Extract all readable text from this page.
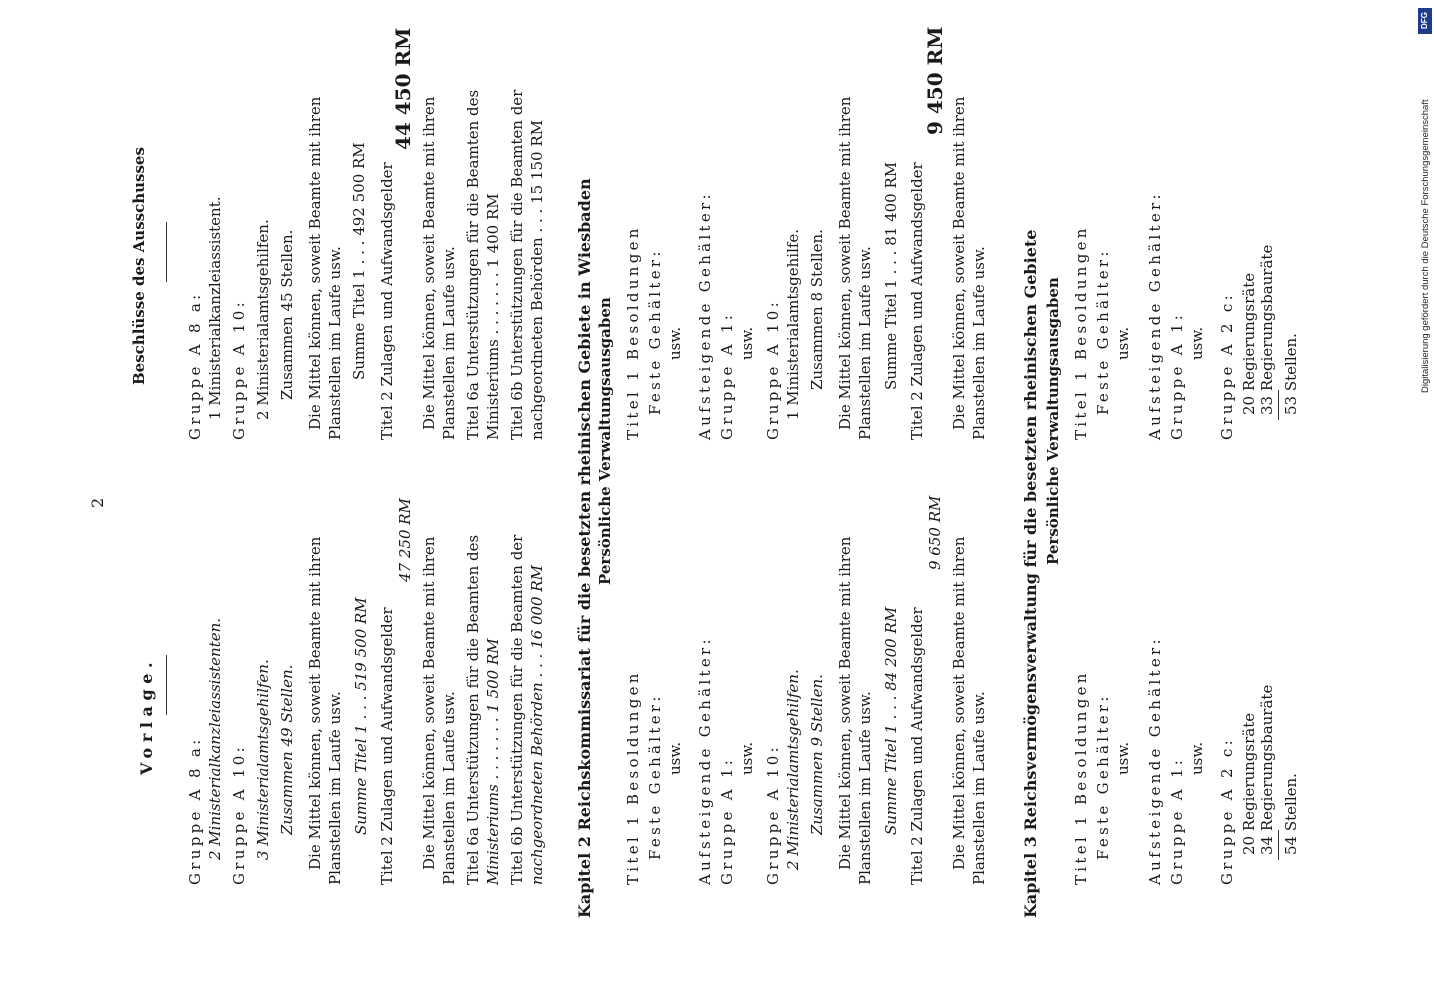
2
Vorlage.
Gruppe A 8 a: 2 Ministerialkanzleiassistenten. Gruppe A 10: 3 Ministerialamtsgehilfen. Zusammen 49 Stellen. Die Mittel können, soweit Beamte mit ihren Planstellen im Laufe usw. Summe Titel 1 . . . 519 500 RM Titel 2 Zulagen und Aufwandsgelder
47 250 RM Die Mittel können, soweit Beamte mit ihren Planstellen im Laufe usw. Titel 6a Unterstützungen für die Beamten des Ministeriums . . . . . . . 1 500 RM Titel 6b Unterstützungen für die Beamten der nachgeordneten Behörden . . . 16 000 RM Kapitel 2 Reichskommissariat für die besetzten rheinischen Gebiete in Wiesbaden Persönliche Verwaltungsausgaben
Titel 1 Besoldungen Feste Gehälter: usw. Aufsteigende Gehälter: Gruppe A 1: usw. Gruppe A 10: 2 Ministerialamtsgehilfen. Zusammen 9 Stellen. Die Mittel können, soweit Beamte mit ihren Planstellen im Laufe usw. Summe Titel 1 . . . 84 200 RM Titel 2 Zulagen und Aufwandsgelder
9 650 RM
Die Mittel können, soweit Beamte mit ihren Planstellen im Laufe usw. Kapitel 3 Reichsvermögensverwaltung für die besetzten rheinischen Gebiete Persönliche Verwaltungsausgaben
Titel 1 Besoldungen Feste Gehälter: usw. Aufsteigende Gehälter: Gruppe A 1: usw. Gruppe A 2 c: 20 Regierungsräte 34 Regierungsbauräte 54 Stellen.
Beschlüsse des Ausschusses	Gruppe A 8 a: 1 Ministerialkanzleiassistent. Gruppe A 10: 2 Ministerialamtsgehilfen. Zusammen 45 Stellen. Die Mittel können, soweit Beamte mit ihren Planstellen im Laufe usw. Summe Titel 1 . . . 492 500 RM Titel 2 Zulagen und Aufwandsgelder
44 450 RM
Die Mittel können, soweit Beamte mit ihren Planstellen im Laufe usw. Titel 6a Unterstützungen für die Beamten des Ministeriums . . . . . . . 1 400 RM Titel 6b Unterstützungen für die Beamten der nachgeordneten Behörden . . . 15 150 RM	Titel 1 Besoldungen Feste Gehälter: usw. Aufsteigende Gehälter: Gruppe A 1: usw. Gruppe A 10: 1 Ministerialamtsgehilfe. Zusammen 8 Stellen. Die Mittel können, soweit Beamte mit ihren Planstellen im Laufe usw. Summe Titel 1 . . . 81 400 RM Titel 2 Zulagen und Aufwandsgelder
9 450 RM
Die Mittel können, soweit Beamte mit ihren Planstellen im Laufe usw.	Titel 1 Besoldungen Feste Gehälter: usw. Aufsteigende Gehälter: Gruppe A 1: usw. Gruppe A 2 c: 20 Regierungsräte 33 Regierungsbauräte 53 Stellen.	Digitalisierung gefördert durch die Deutsche Forschungsgemeinschaft
DFG
